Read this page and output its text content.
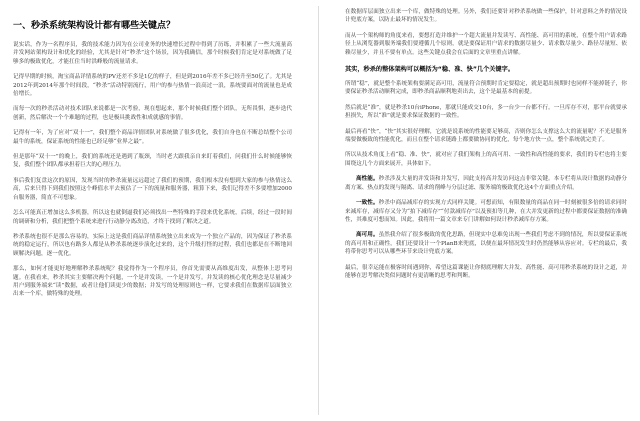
一、秒杀系统架构设计都有哪些关键点？

说实话，作为一名程序员，我的技术能力因为在公司业务的快速增长过程中得到了历练，并积累了一些大流量高并发网站架构设计和优化的经验，尤其是针对“秒杀”这个场景，因为我确信，那个时候我们肯定是对系统做了足够多的极致优化，才能扛住当时洪峰般的流量请求。

记得早期的时候，淘宝商品详情系统的PV还差不多是1亿的样子，但是到2016年差不多已经升至50亿了。尤其是2012年到2014年那个时间段，“秒杀”活动特别流行，用户的参与热情一浪高过一浪，系统要面对的流量也是成倍增长。

而每一次的秒杀活动对技术团队来说都是一次考验，现在想起来，那个时候我们整个团队，无所畏惧，逐步迭代创新，然后解决一个个难题的过程，也是极具挑战性和成就感的事情。

记得有一年，为了应对“双十一”，我们整个商品详情团队对系统做了很多优化，我们自身也在不断总结整个公司最牛的系统，保证系统的性能也已经足够“业界之最”。

但是那年“双十一”的晚上，我们的系统还是遇到了瓶颈，当时老大跟我亲自来盯着我们，问我们什么时候能够恢复，我们整个团队都承担着巨大的心理压力。

事后我们复盘这次的原因，发现当时的秒杀流量远远超过了我们的预期，我们根本没有想到大家的参与热情这么高，后来只得下到我们按照这个峰值水平去预估了一下的流量和服务器，粗算下来，我们记得差不多要增加2000台服务器，简直不可想象。

怎么可能真正增加这么多机器，所以这也就倒逼我们必须找出一些特殊的手段来优化系统，后续，经过一段时间的调研和分析，我们把整个系统来进行行动静分离改造，才终于找到了解决之道。

秒杀系统也很不是那么容易的，实际上这是我们商品详情系统独立出来成为一个独立产品的，因为保证了秒杀系统的稳定运行，所以也有路多人都是从秒杀系统逐步演化过来的，这个升级打怪的过程，我们也都是在不断地回顾解决问题，逐一优化。

那么，如何才能更好地理解秒杀系统呢？我觉得作为一个程序员，你首先需要从高维度出发，从整体上思考问题。在我看来，秒杀其实主要解决两个问题，一个是并发读，一个是并发写。并发读的核心优化理念是尽量减少用户到服务端来“读”数据，或者让他们读更少的数据；并发写的处理原则也一样，它要求我们在数据库层面独立出来一个库，做特殊的处理。

在数据库层面独立出来一个库，做特殊的处理。另外，我们还要针对秒杀系统做一些保护，针对意料之外的情况设计兜底方案，以防止最坏的情况发生。

而从一个架构师的角度来看，要想打造并维护一个超大流量并发读写、高性能、高可用的系统，在整个用户请求路径上从浏览器到服务端我们要遵循几个原则，就是要保证用户请求的数据尽量少、请求数尽量少、路径尽量短、依赖尽量少，并且不要有单点。这些关键点我会在后面的文章里重点讲解。

其实，秒杀的整体架构可以概括为“稳、准、快”几个关键字。

所谓“稳”，就是整个系统架构要满足高可用，流量符合预期时肯定要稳定，就是超出预期时也同样不能掉链子，你要保证秒杀活动顺利完成，即秒杀商品顺利地卖出去，这个是最基本的前提。

然后就是“准”，就是秒杀10台iPhone，那就只能成交10台，多一台少一台都不行。一旦库存不对，那平台就要承担损失，所以“准”就是要求保证数据的一致性。

最后再看“快”，“快”其实很好理解，它就是说系统的性能要足够高，否则你怎么支撑这么大的流量呢？不光是服务端要做极致的性能优化，而且在整个请求链路上都要做协同的优化，每个地方快一点，整个系统就完美了。

所以从技术角度上看“稳、准、快”，就对应了我们架构上的高可用、一致性和高性能的要求，我们的专栏也将主要围绕这几个方面来展开，具体如下。

高性能。秒杀涉及大量的并发读和并发写，因此支持高并发访问这点非常关键。本专栏将从设计数据的动静分离方案、热点的发现与隔离、请求的削峰与分层过滤、服务端的极致优化这4个方面重点介绍。

一致性。秒杀中商品减库存的实现方式同样关键。可想而知，有限数量的商品在同一时刻被很多倍的请求同时来减库存，减库存又分为“拍下减库存”“付款减库存”以及预扣等几种，在大并发更新的过程中都要保证数据的准确性，其难度可想而知。因此，我将用一篇文章来专门讲解如何设计秒杀减库存方案。

高可用。虽然我介绍了很多极致的优化思路，但现实中总难免出现一些我们考虑不到的情况，所以要保证系统的高可用和正确性，我们还要设计一个PlanB来兜底，以便在最坏情况发生时仍然能够从容应对。专栏的最后，我将带你思考可以从哪些环节来设计兜底方案。

最后，很幸运能在极客时间遇到你，希望这篇课能让你彻底理解大并发、高性能、高可用秒杀系统的设计之道，并能够在思考解决类似问题时有更清晰的思考和判断。
